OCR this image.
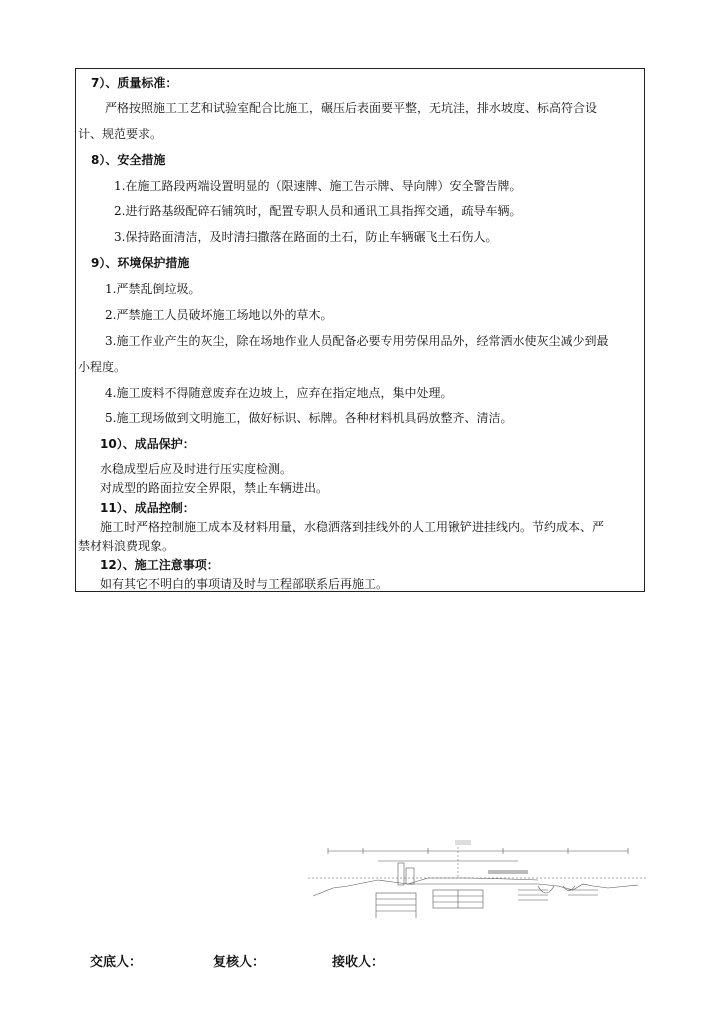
7）、质量标准：
严格按照施工工艺和试验室配合比施工，碾压后表面要平整，无坑洼，排水坡度、标高符合设
计、规范要求。
8）、安全措施
1.在施工路段两端设置明显的（限速牌、施工告示牌、导向牌）安全警告牌。
2.进行路基级配碎石铺筑时，配置专职人员和通讯工具指挥交通，疏导车辆。
3.保持路面清洁，及时清扫撒落在路面的土石，防止车辆碾飞土石伤人。
9）、环境保护措施
1.严禁乱倒垃圾。
2.严禁施工人员破坏施工场地以外的草木。
3.施工作业产生的灰尘，除在场地作业人员配备必要专用劳保用品外，经常洒水使灰尘减少到最
小程度。
4.施工废料不得随意废弃在边坡上，应弃在指定地点，集中处理。
5.施工现场做到文明施工，做好标识、标牌。各种材料机具码放整齐、清洁。
10）、成品保护：
水稳成型后应及时进行压实度检测。
对成型的路面拉安全界限，禁止车辆进出。
11）、成品控制：
施工时严格控制施工成本及材料用量，水稳洒落到挂线外的人工用锹铲进挂线内。节约成本、严
禁材料浪费现象。
12）、施工注意事项：
如有其它不明白的事项请及时与工程部联系后再施工。
交底人：	复核人：	接收人：
